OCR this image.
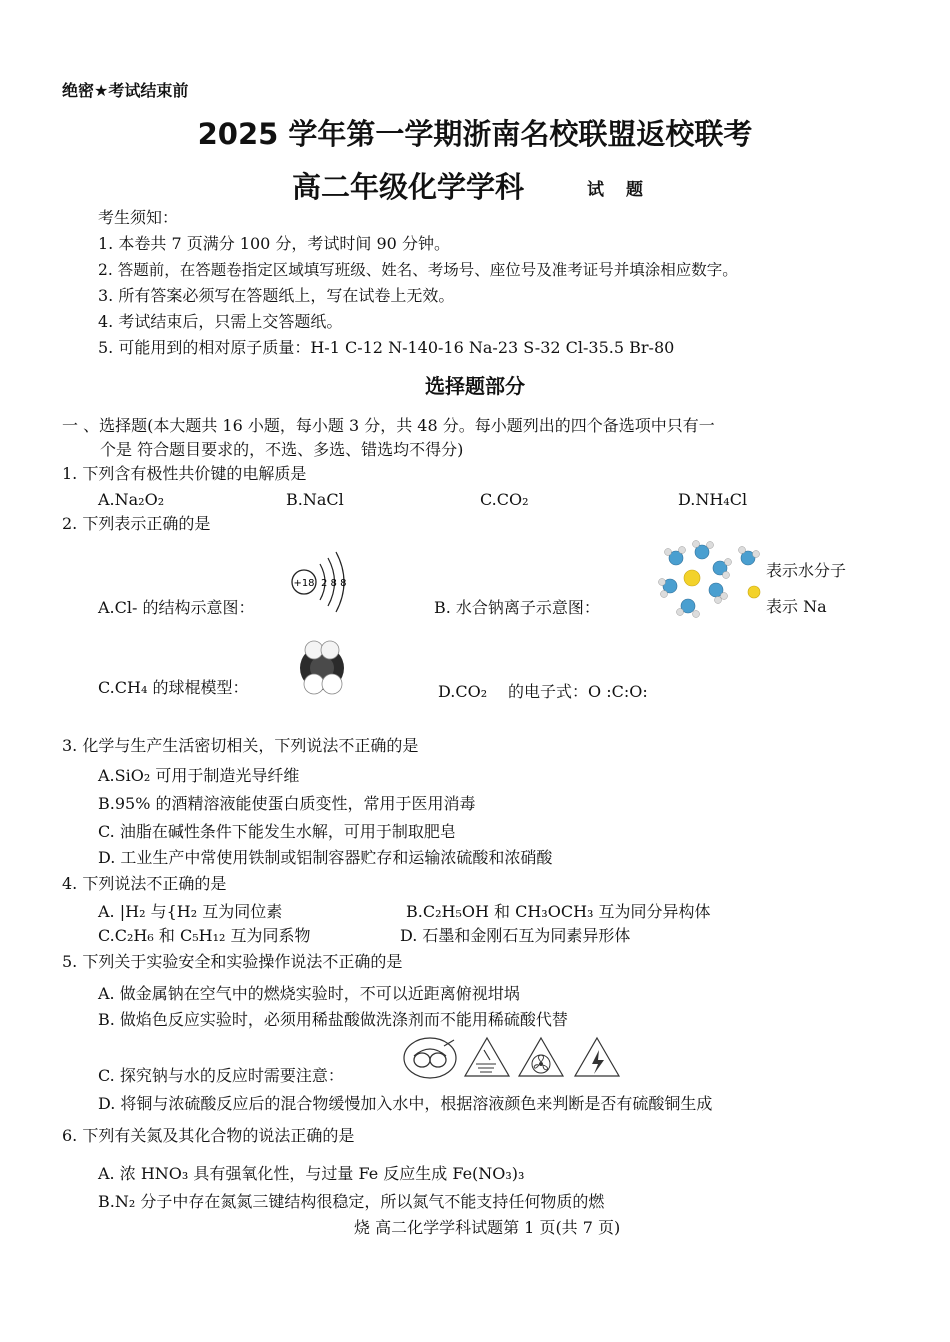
绝密★考试结束前
2025 学年第一学期浙南名校联盟返校联考
高二年级化学学科	试题
考生须知：
1. 本卷共 7 页满分 100 分，考试时间 90 分钟。
2. 答题前，在答题卷指定区域填写班级、姓名、考场号、座位号及准考证号并填涂相应数字。
3. 所有答案必须写在答题纸上，写在试卷上无效。
4. 考试结束后，只需上交答题纸。
5. 可能用到的相对原子质量：H-1 C-12 N-140-16 Na-23 S-32 Cl-35.5 Br-80
选择题部分
一 、选择题(本大题共 16 小题，每小题 3 分，共 48 分。每小题列出的四个备选项中只有一
个是 符合题目要求的，不选、多选、错选均不得分)
1. 下列含有极性共价键的电解质是
A.Na₂O₂	B.NaCl	C.CO₂	D.NH₄Cl
2. 下列表示正确的是
A.Cl- 的结构示意图：
+18 2 8 8
B. 水合钠离子示意图：
表示水分子
表示 Na
C.CH₄ 的球棍模型：	D.CO₂ 的电子式：O :C:O:
3. 化学与生产生活密切相关，下列说法不正确的是
A.SiO₂ 可用于制造光导纤维
B.95% 的酒精溶液能使蛋白质变性，常用于医用消毒
C. 油脂在碱性条件下能发生水解，可用于制取肥皂
D. 工业生产中常使用铁制或铝制容器贮存和运输浓硫酸和浓硝酸
4. 下列说法不正确的是
A. |H₂ 与{H₂ 互为同位素	B.C₂H₅OH 和 CH₃OCH₃ 互为同分异构体
C.C₂H₆ 和 C₅H₁₂ 互为同系物	D. 石墨和金刚石互为同素异形体
5. 下列关于实验安全和实验操作说法不正确的是
A. 做金属钠在空气中的燃烧实验时，不可以近距离俯视坩埚
B. 做焰色反应实验时，必须用稀盐酸做洗涤剂而不能用稀硫酸代替
C. 探究钠与水的反应时需要注意：
D. 将铜与浓硫酸反应后的混合物缓慢加入水中，根据溶液颜色来判断是否有硫酸铜生成
6. 下列有关氮及其化合物的说法正确的是
A. 浓 HNO₃ 具有强氧化性，与过量 Fe 反应生成 Fe(NO₃)₃
B.N₂ 分子中存在氮氮三键结构很稳定，所以氮气不能支持任何物质的燃
烧 高二化学学科试题第 1 页(共 7 页)
